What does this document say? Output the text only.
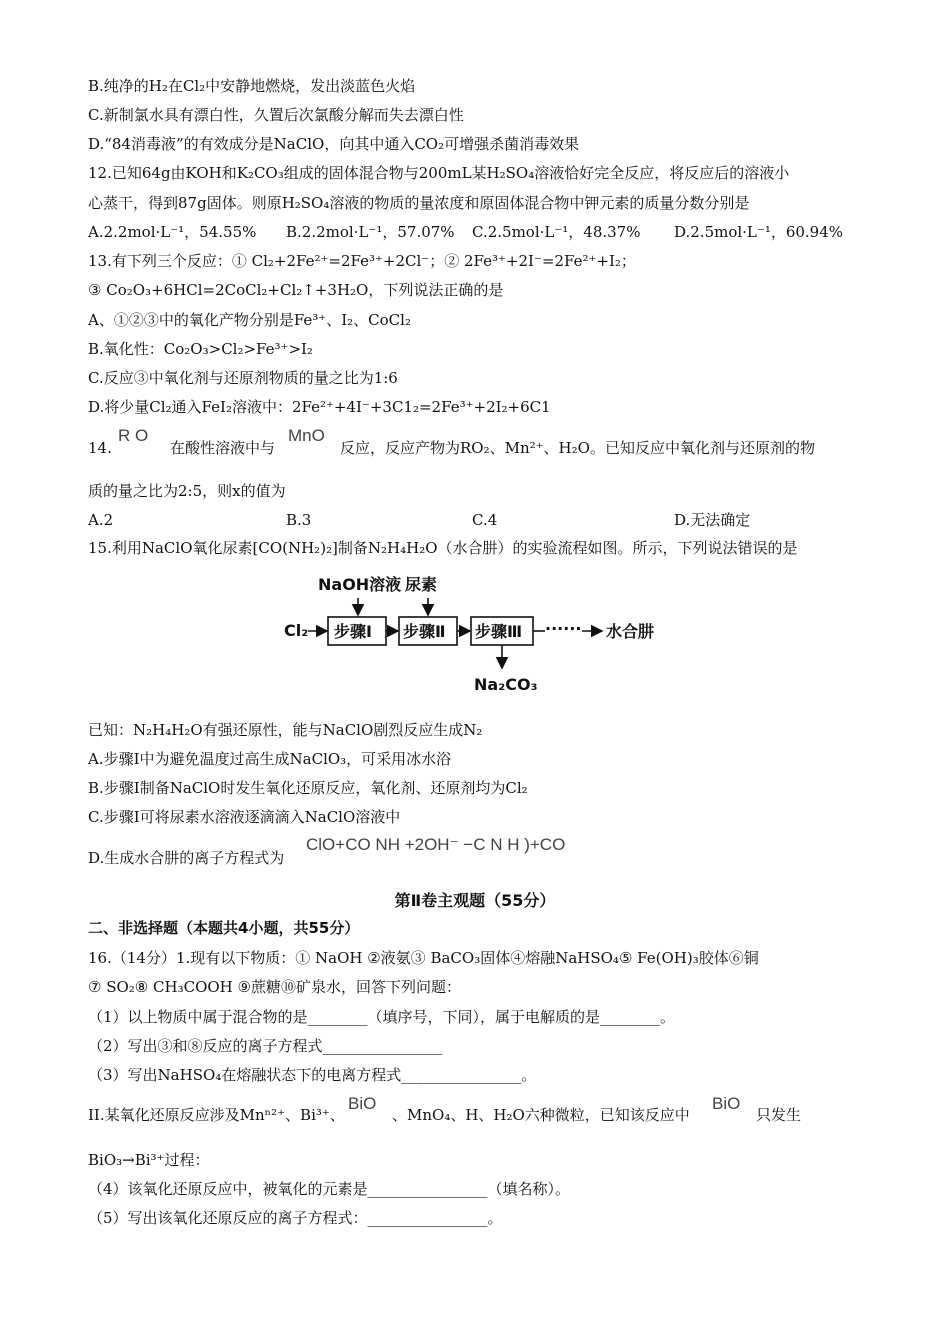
B.纯净的H₂在Cl₂中安静地燃烧，发出淡蓝色火焰
C.新制氯水具有漂白性，久置后次氯酸分解而失去漂白性
D.“84消毒液”的有效成分是NaClO，向其中通入CO₂可增强杀菌消毒效果
12.已知64g由KOH和K₂CO₃组成的固体混合物与200mL某H₂SO₄溶液恰好完全反应，将反应后的溶液小
心蒸干，得到87g固体。则原H₂SO₄溶液的物质的量浓度和原固体混合物中钾元素的质量分数分别是
A.2.2mol·L⁻¹，54.55% B.2.2mol·L⁻¹，57.07% C.2.5mol·L⁻¹，48.37% D.2.5mol·L⁻¹，60.94%
13.有下列三个反应：① Cl₂+2Fe²⁺=2Fe³⁺+2Cl⁻；② 2Fe³⁺+2I⁻=2Fe²⁺+I₂；
③ Co₂O₃+6HCl=2CoCl₂+Cl₂↑+3H₂O，下列说法正确的是
A、①②③中的氧化产物分别是Fe³⁺、I₂、CoCl₂
B.氧化性：Co₂O₃>Cl₂>Fe³⁺>I₂
C.反应③中氧化剂与还原剂物质的量之比为1:6
D.将少量Cl₂通入FeI₂溶液中：2Fe²⁺+4I⁻+3C1₂=2Fe³⁺+2I₂+6C1
14.
R O
在酸性溶液中与
MnO
反应，反应产物为RO₂、Mn²⁺、H₂O。已知反应中氧化剂与还原剂的物
质的量之比为2:5，则x的值为
A.2	B.3	C.4	D.无法确定
15.利用NaClO氧化尿素[CO(NH₂)₂]制备N₂H₄H₂O（水合肼）的实验流程如图。所示，下列说法错误的是
NaOH溶液 尿素
Cl₂ 步骤Ⅰ 步骤Ⅱ 步骤Ⅲ ······ 水合肼
Na₂CO₃
已知：N₂H₄H₂O有强还原性，能与NaClO剧烈反应生成N₂
A.步骤I中为避免温度过高生成NaClO₃，可采用冰水浴
B.步骤I制备NaClO时发生氧化还原反应，氧化剂、还原剂均为Cl₂
C.步骤I可将尿素水溶液逐滴滴入NaClO溶液中
D.生成水合肼的离子方程式为
ClO+CO NH +2OH⁻ −C N H )+CO
第Ⅱ卷主观题（55分）
二、非选择题（本题共4小题，共55分）
16.（14分）1.现有以下物质：① NaOH ②液氨③ BaCO₃固体④熔融NaHSO₄⑤ Fe(OH)₃胶体⑥铜
⑦ SO₂⑧ CH₃COOH ⑨蔗糖⑩矿泉水，回答下列问题：
（1）以上物质中属于混合物的是________（填序号，下同），属于电解质的是________。
（2）写出③和⑧反应的离子方程式________________
（3）写出NaHSO₄在熔融状态下的电离方程式________________。
II.某氧化还原反应涉及Mnⁿ²⁺、Bi³⁺、
BiO
、MnO₄、H、H₂O六种微粒，已知该反应中
BiO
只发生
BiO₃→Bi³⁺过程：
（4）该氧化还原反应中，被氧化的元素是________________（填名称）。
（5）写出该氧化还原反应的离子方程式：________________。
